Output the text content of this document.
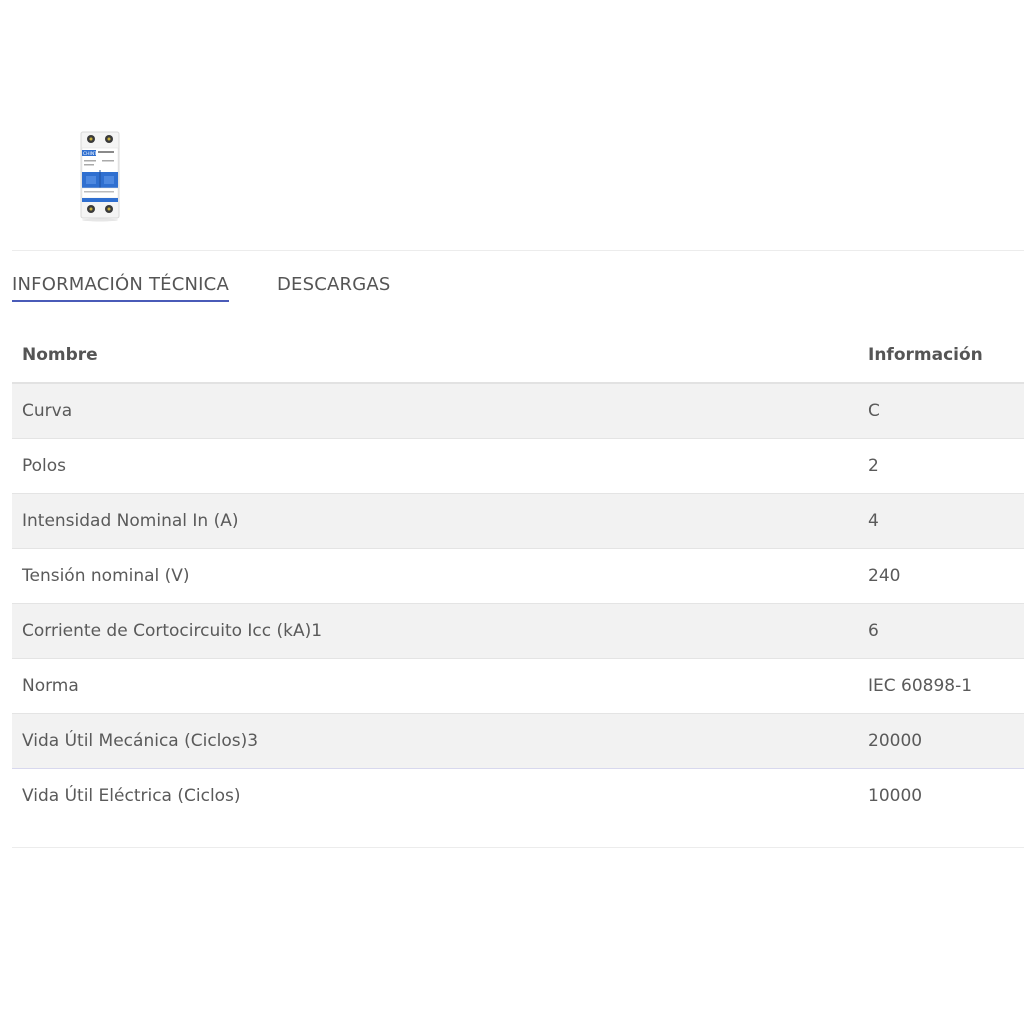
CHINT
INFORMACIÓN TÉCNICA	DESCARGAS
Nombre	Información
Curva	C
Polos	2
Intensidad Nominal In (A)	4
Tensión nominal (V)	240
Corriente de Cortocircuito Icc (kA)1	6
Norma	IEC 60898-1
Vida Útil Mecánica (Ciclos)3	20000
Vida Útil Eléctrica (Ciclos)	10000
